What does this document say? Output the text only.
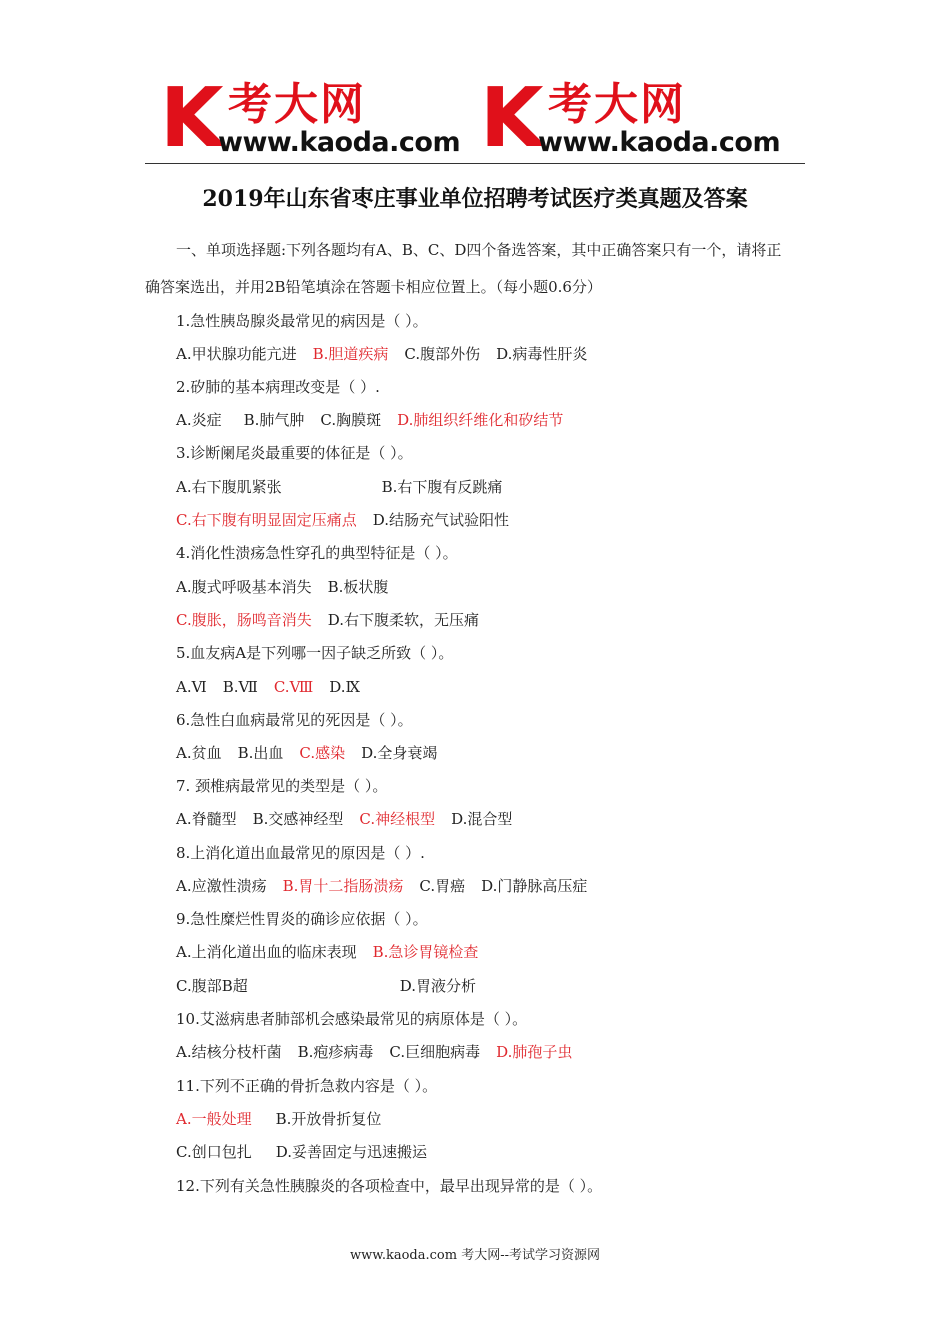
K 考大网
www.kaoda.com K 考大网
www.kaoda.com
2019年山东省枣庄事业单位招聘考试医疗类真题及答案
一、单项选择题:下列各题均有A、B、C、D四个备选答案，其中正确答案只有一个，请将正
确答案选出，并用2B铅笔填涂在答题卡相应位置上。（每小题0.6分）
1.急性胰岛腺炎最常见的病因是（ ）。
A.甲状腺功能亢进 B.胆道疾病 C.腹部外伤 D.病毒性肝炎
2.矽肺的基本病理改变是（ ）.
A.炎症 B.肺气肿 C.胸膜斑 D.肺组织纤维化和矽结节
3.诊断阑尾炎最重要的体征是（ ）。
A.右下腹肌紧张	B.右下腹有反跳痛
C.右下腹有明显固定压痛点 D.结肠充气试验阳性
4.消化性溃疡急性穿孔的典型特征是（ ）。
A.腹式呼吸基本消失 B.板状腹
C.腹胀，肠鸣音消失 D.右下腹柔软，无压痛
5.血友病A是下列哪一因子缺乏所致（ ）。
A.Ⅵ B.Ⅶ C.Ⅷ D.Ⅸ
6.急性白血病最常见的死因是（ ）。
A.贫血 B.出血 C.感染 D.全身衰竭
7. 颈椎病最常见的类型是（ ）。
A.脊髓型 B.交感神经型 C.神经根型 D.混合型
8.上消化道出血最常见的原因是（ ）.
A.应激性溃疡 B.胃十二指肠溃疡 C.胃癌 D.门静脉高压症
9.急性糜烂性胃炎的确诊应依据（ ）。
A.上消化道出血的临床表现 B.急诊胃镜检查
C.腹部B超	D.胃液分析
10.艾滋病患者肺部机会感染最常见的病原体是（ ）。
A.结核分枝杆菌 B.疱疹病毒 C.巨细胞病毒 D.肺孢子虫
11.下列不正确的骨折急救内容是（ ）。
A.一般处理 B.开放骨折复位
C.创口包扎 D.妥善固定与迅速搬运
12.下列有关急性胰腺炎的各项检查中，最早出现异常的是（ ）。
www.kaoda.com 考大网--考试学习资源网
